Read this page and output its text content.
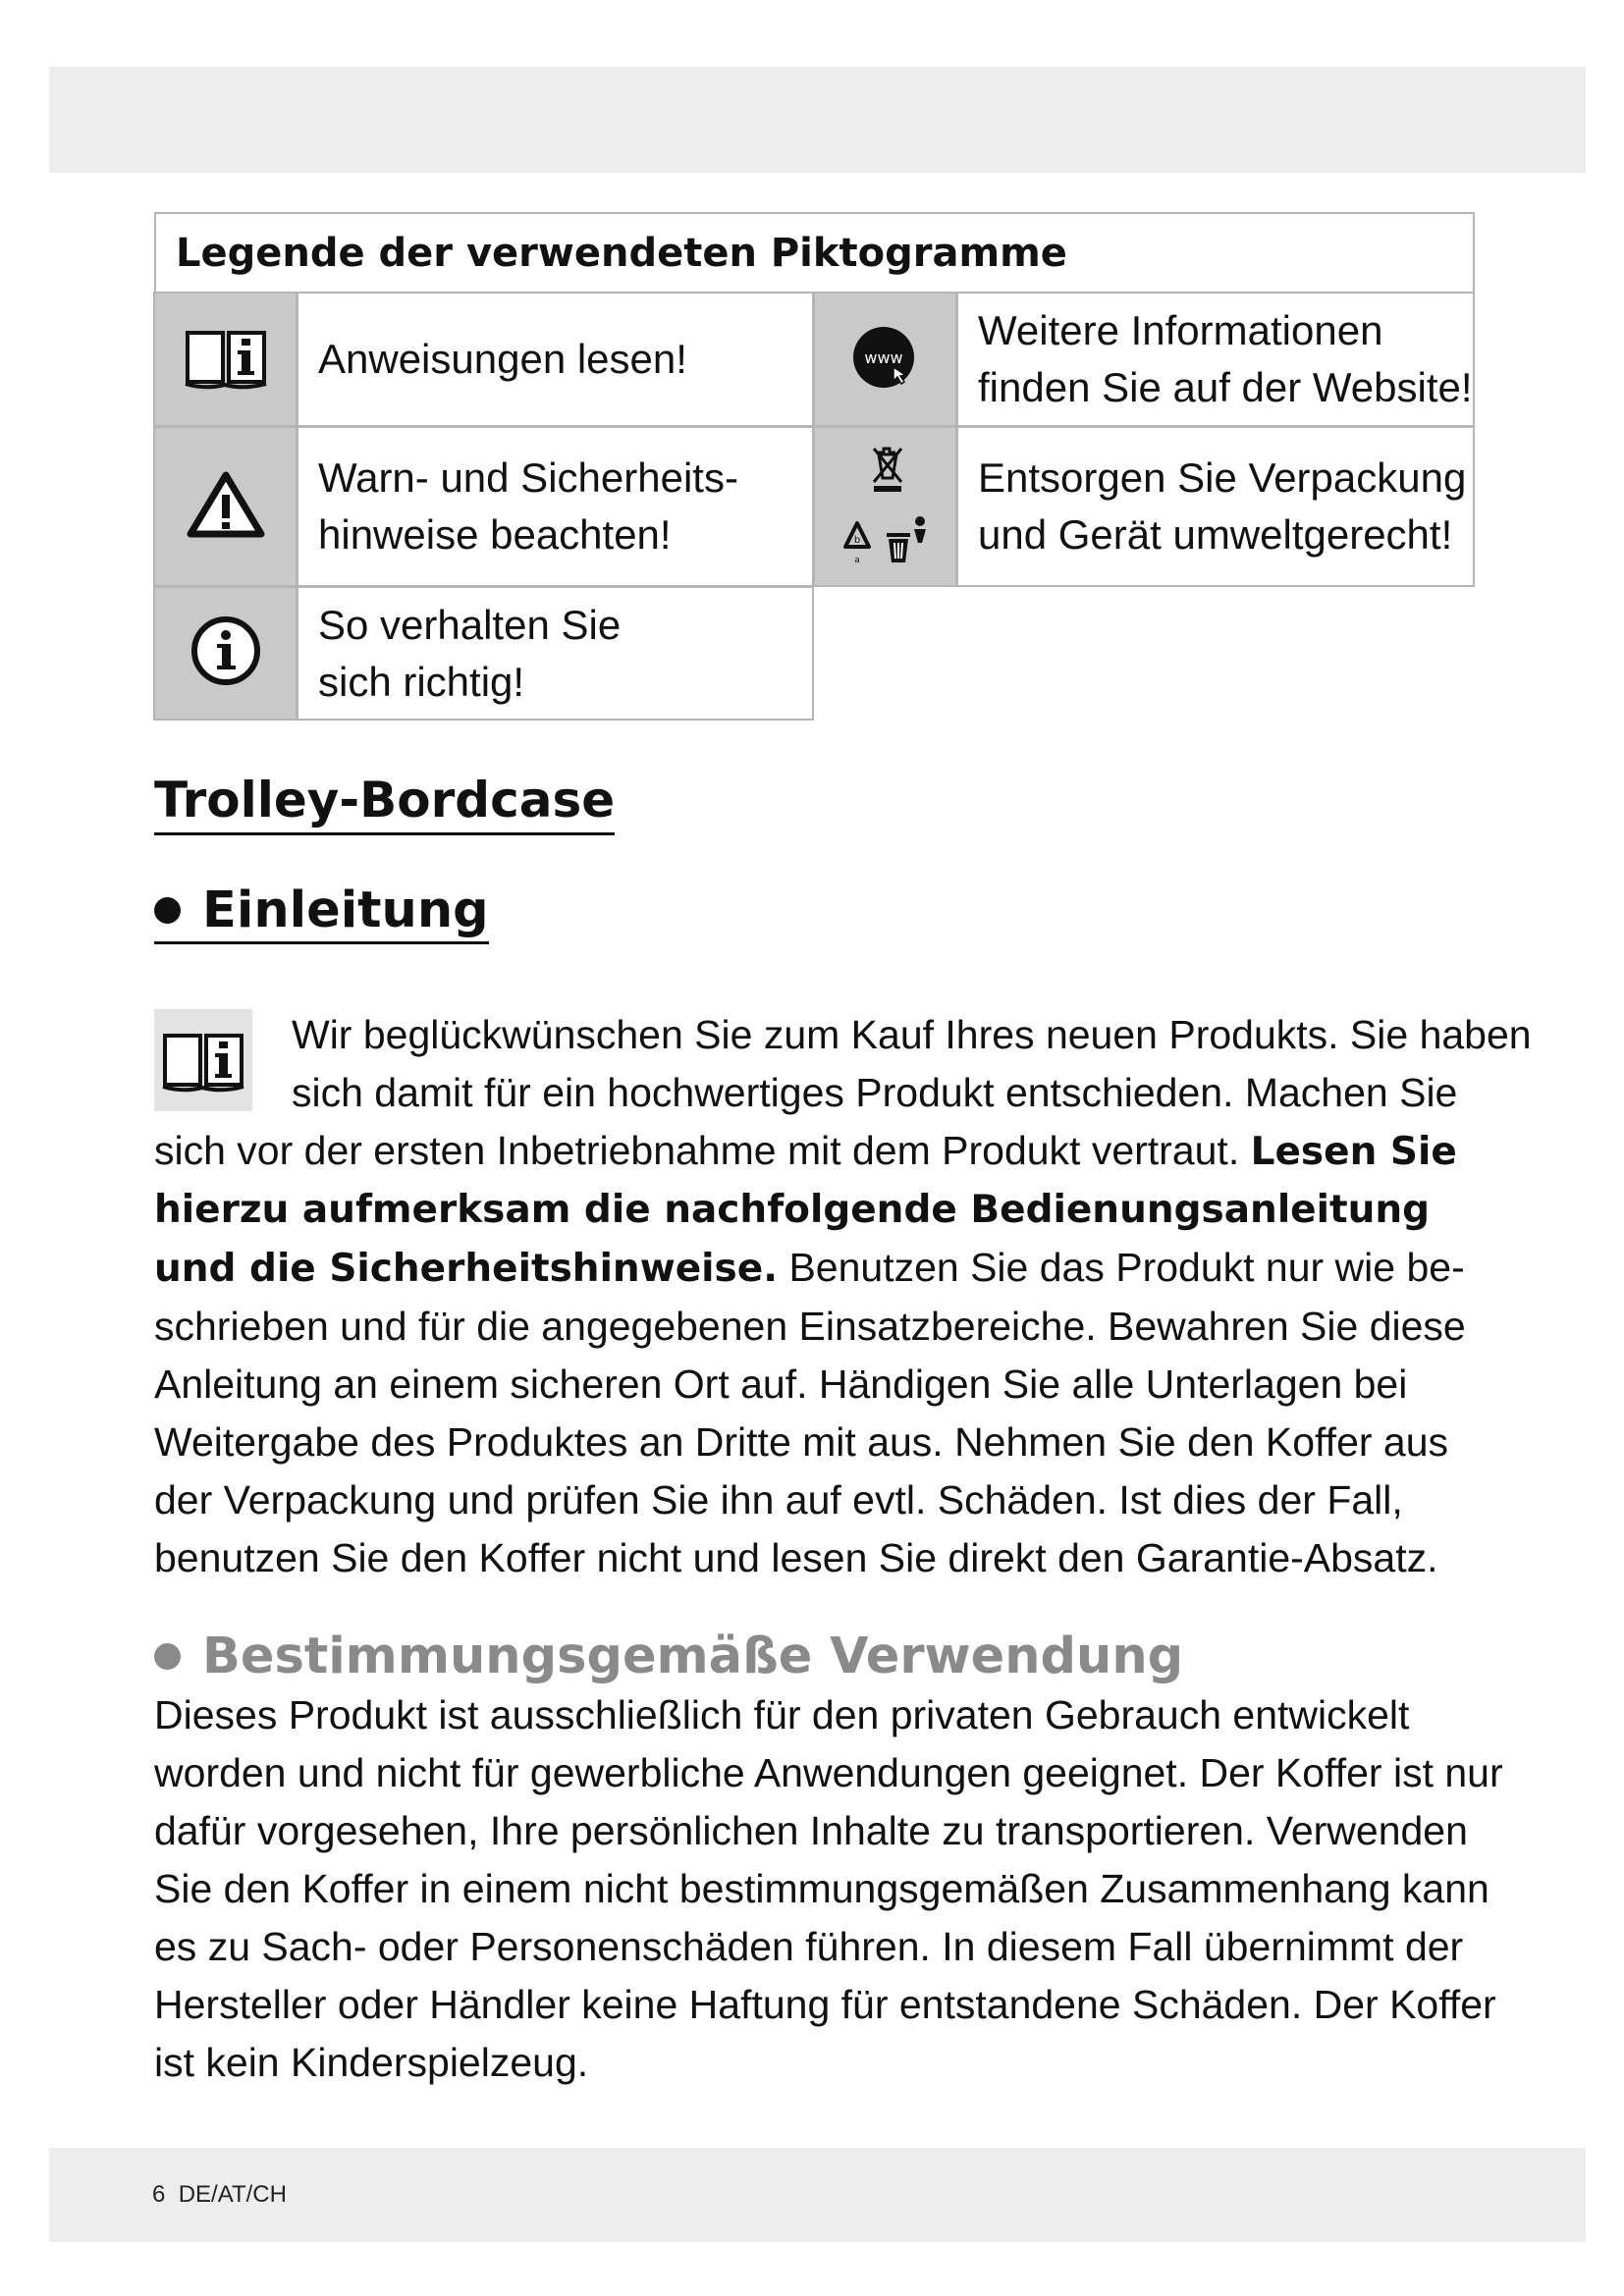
Legende der verwendeten Piktogramme
Anweisungen lesen!	www
Weitere Informationen
finden Sie auf der Website!
Warn- und Sicherheits-
hinweise beachten!	b
a
Entsorgen Sie Verpackung
und Gerät umweltgerecht!
So verhalten Sie
sich richtig!
Trolley-Bordcase
Einleitung
Wir beglückwünschen Sie zum Kauf Ihres neuen Produkts. Sie haben
sich damit für ein hochwertiges Produkt entschieden. Machen Sie
sich vor der ersten Inbetriebnahme mit dem Produkt vertraut. Lesen Sie
hierzu aufmerksam die nachfolgende Bedienungsanleitung
und die Sicherheitshinweise. Benutzen Sie das Produkt nur wie be-
schrieben und für die angegebenen Einsatzbereiche. Bewahren Sie diese
Anleitung an einem sicheren Ort auf. Händigen Sie alle Unterlagen bei
Weitergabe des Produktes an Dritte mit aus. Nehmen Sie den Koffer aus
der Verpackung und prüfen Sie ihn auf evtl. Schäden. Ist dies der Fall,
benutzen Sie den Koffer nicht und lesen Sie direkt den Garantie-Absatz.
Bestimmungsgemäße Verwendung
Dieses Produkt ist ausschließlich für den privaten Gebrauch entwickelt
worden und nicht für gewerbliche Anwendungen geeignet. Der Koffer ist nur
dafür vorgesehen, Ihre persönlichen Inhalte zu transportieren. Verwenden
Sie den Koffer in einem nicht bestimmungsgemäßen Zusammenhang kann
es zu Sach- oder Personenschäden führen. In diesem Fall übernimmt der
Hersteller oder Händler keine Haftung für entstandene Schäden. Der Koffer
ist kein Kinderspielzeug.
6 DE/AT/CH
